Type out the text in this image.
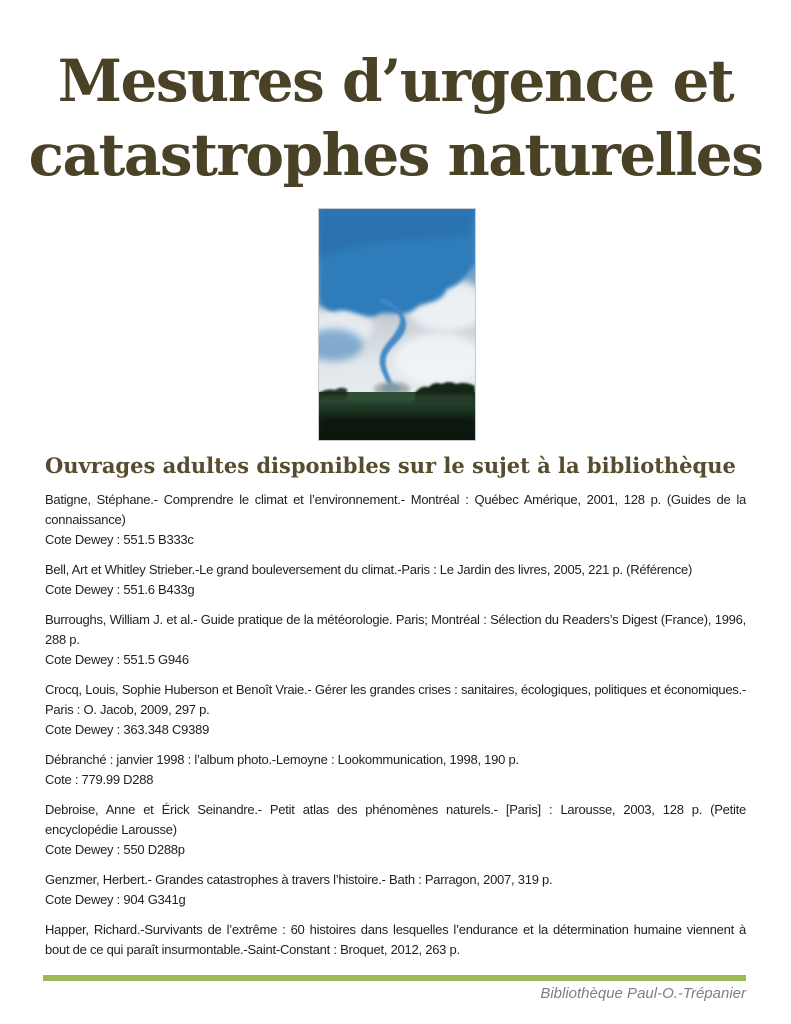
Mesures d’urgence et
catastrophes naturelles
Ouvrages adultes disponibles sur le sujet à la bibliothèque

Batigne, Stéphane.- Comprendre le climat et l’environnement.- Montréal : Québec Amérique, 2001, 128 p. (Guides de la connaissance)

Cote Dewey : 551.5 B333c

Bell, Art et Whitley Strieber.-Le grand bouleversement du climat.-Paris : Le Jardin des livres, 2005, 221 p. (Référence)

Cote Dewey : 551.6 B433g

Burroughs, William J. et al.- Guide pratique de la météorologie. Paris; Montréal : Sélection du Readers’s Digest (France), 1996, 288 p.

Cote Dewey : 551.5 G946

Crocq, Louis, Sophie Huberson et Benoît Vraie.- Gérer les grandes crises : sanitaires, écologiques, politiques et économiques.-Paris : O. Jacob, 2009, 297 p.

Cote Dewey : 363.348 C9389

Débranché : janvier 1998 : l’album photo.-Lemoyne : Lookommunication, 1998, 190 p.

Cote : 779.99 D288

Debroise, Anne et Érick Seinandre.- Petit atlas des phénomènes naturels.- [Paris] : Larousse, 2003, 128 p. (Petite encyclopédie Larousse)

Cote Dewey : 550 D288p

Genzmer, Herbert.- Grandes catastrophes à travers l’histoire.- Bath : Parragon, 2007, 319 p.

Cote Dewey : 904 G341g

Happer, Richard.-Survivants de l’extrême : 60 histoires dans lesquelles l’endurance et la détermination humaine viennent à bout de ce qui paraît insurmontable.-Saint-Constant : Broquet, 2012, 263 p.

Bibliothèque Paul-O.-Trépanier
